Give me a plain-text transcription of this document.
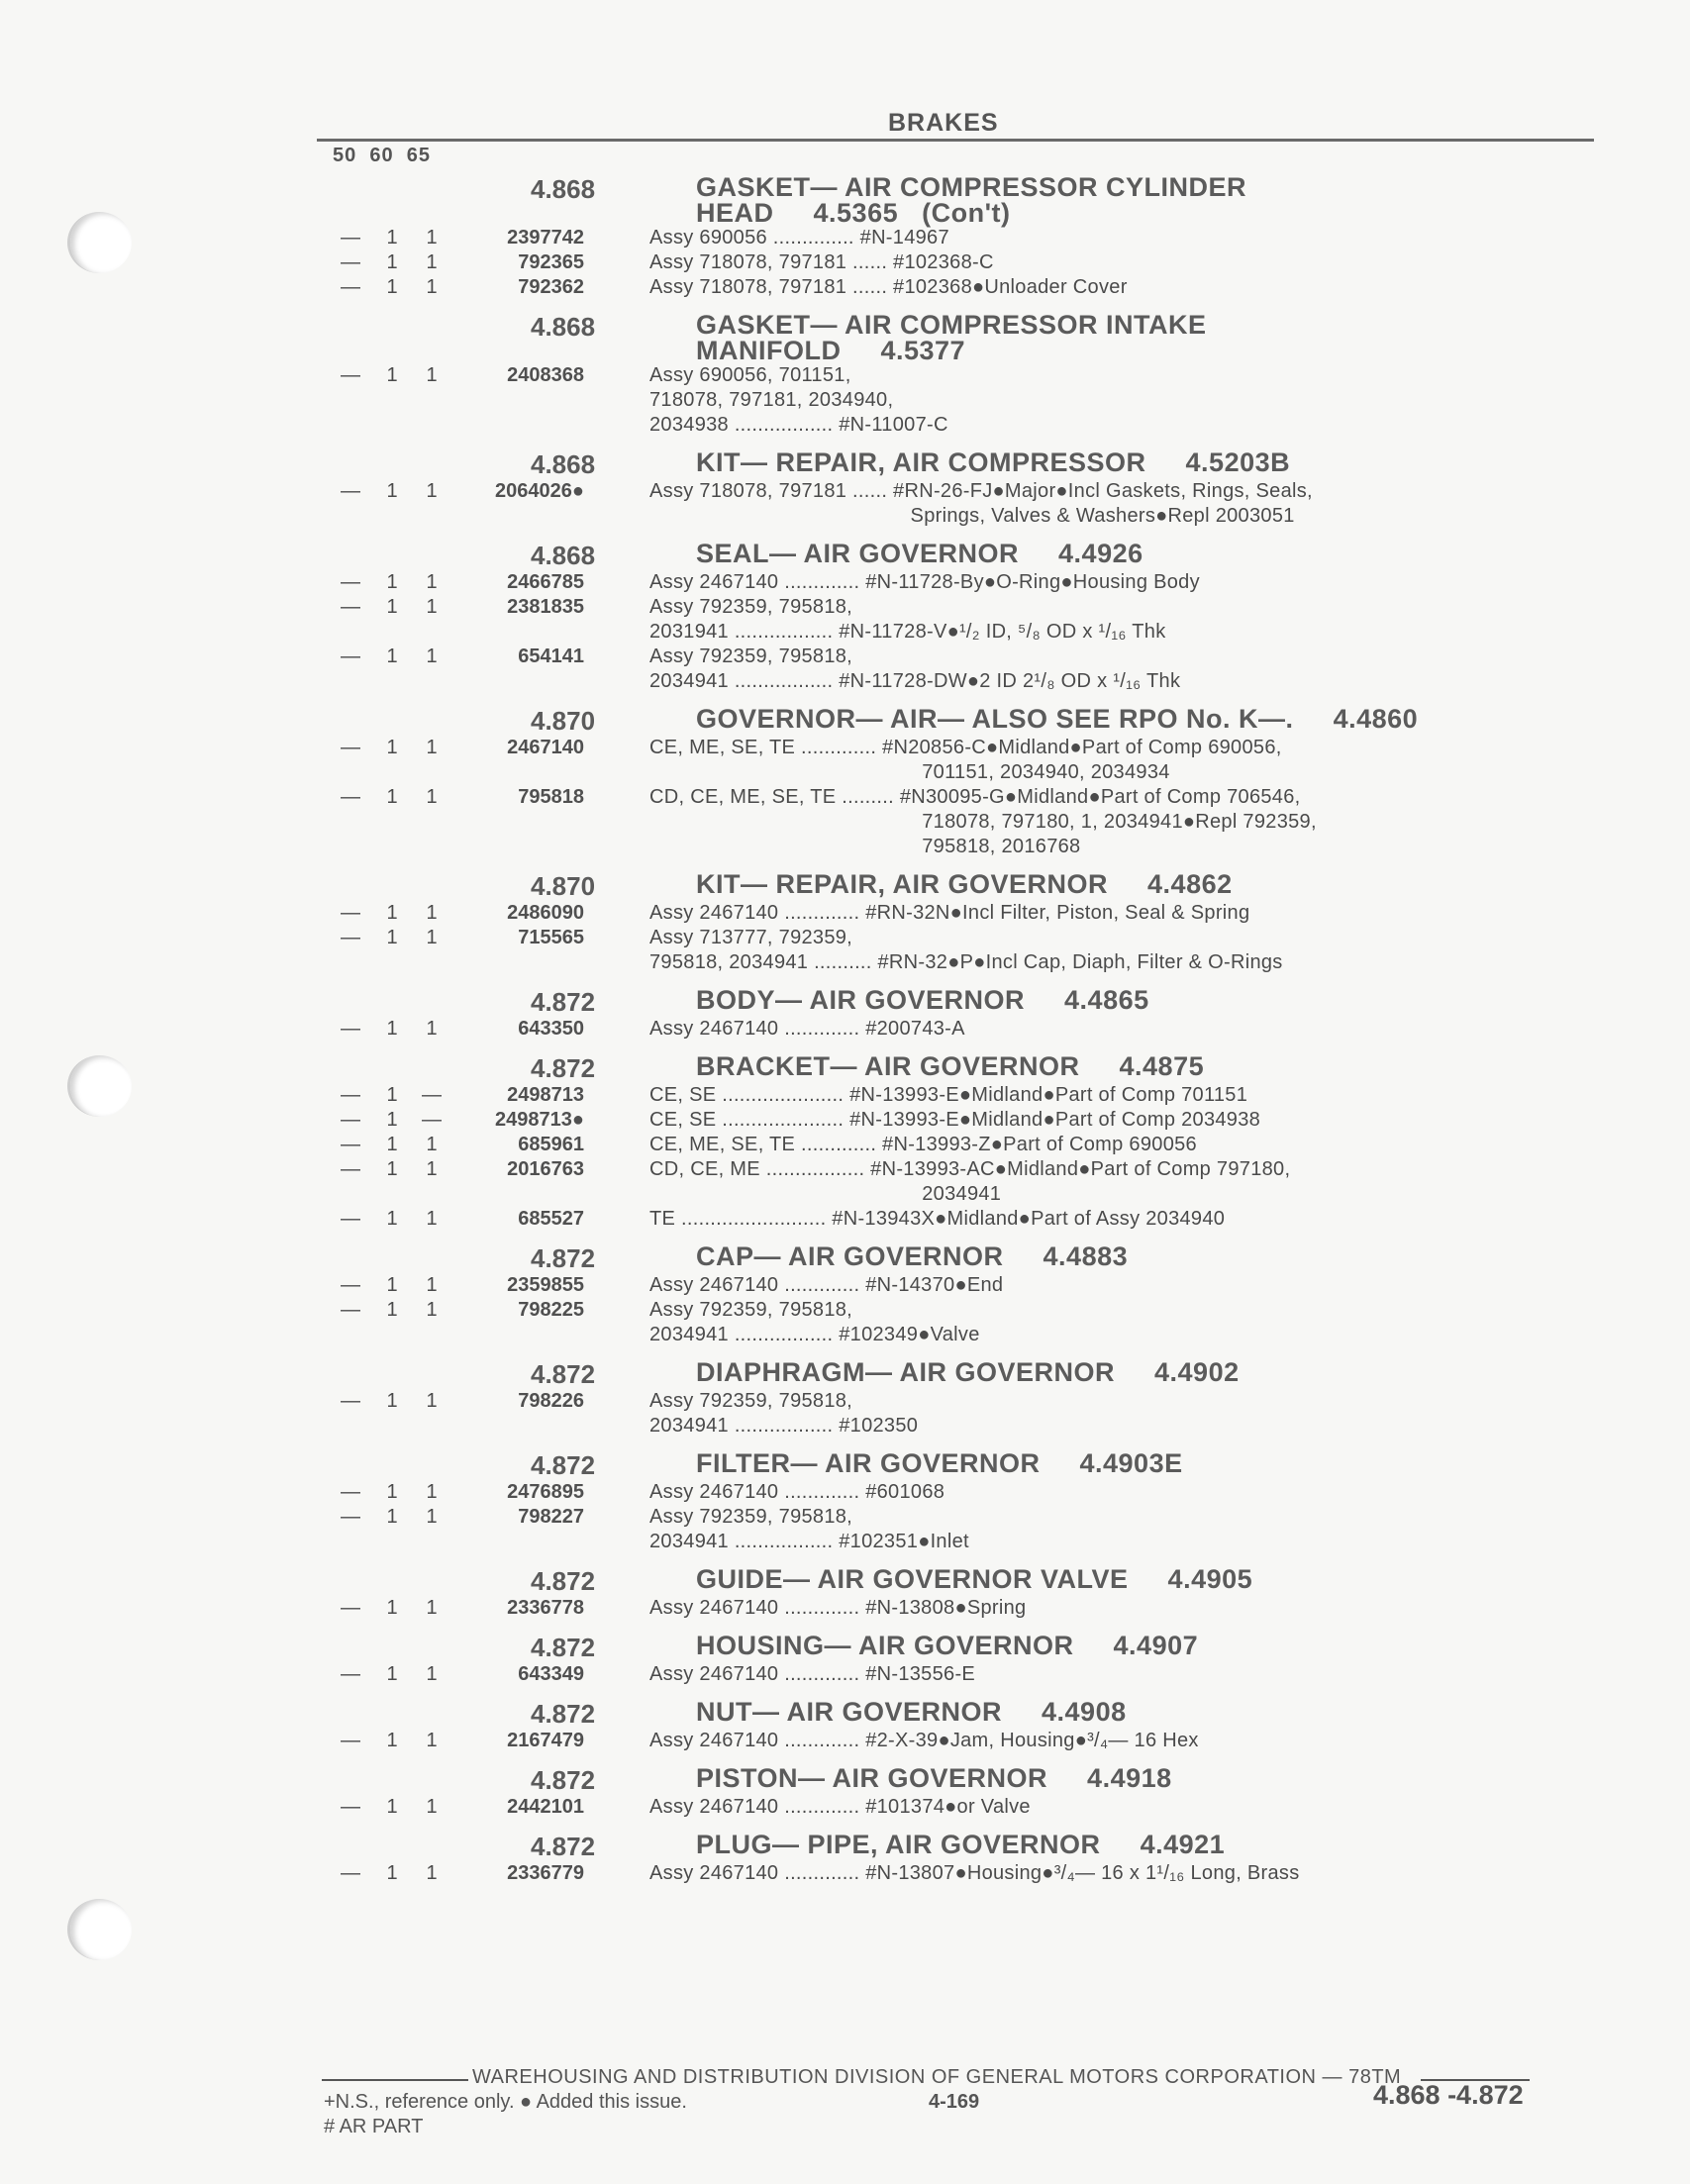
BRAKES
50  60  65
4.868	GASKET— AIR COMPRESSOR CYLINDER
HEAD 4.5365   (Con't)
— 1 1	2397742	Assy 690056 .............. #N-14967
— 1 1	792365	Assy 718078, 797181 ...... #102368-C
— 1 1	792362	Assy 718078, 797181 ...... #102368●Unloader Cover
4.868	GASKET— AIR COMPRESSOR INTAKE
MANIFOLD 4.5377
— 1 1	2408368	Assy 690056, 701151,
718078, 797181, 2034940,
2034938 ................. #N-11007-C
4.868	KIT— REPAIR, AIR COMPRESSOR 4.5203B
— 1 1	2064026●	Assy 718078, 797181 ...... #RN-26-FJ●Major●Incl Gaskets, Rings, Seals,
Springs, Valves & Washers●Repl 2003051
4.868	SEAL— AIR GOVERNOR 4.4926
— 1 1	2466785	Assy 2467140 ............. #N-11728-By●O-Ring●Housing Body
— 1 1	2381835	Assy 792359, 795818,
2031941 ................. #N-11728-V●¹/₂ ID, ⁵/₈ OD x ¹/₁₆ Thk
— 1 1	654141	Assy 792359, 795818,
2034941 ................. #N-11728-DW●2 ID 2¹/₈ OD x ¹/₁₆ Thk
4.870	GOVERNOR— AIR— ALSO SEE RPO No. K—. 4.4860
— 1 1	2467140	CE, ME, SE, TE ............. #N20856-C●Midland●Part of Comp 690056,
701151, 2034940, 2034934
— 1 1	795818	CD, CE, ME, SE, TE ......... #N30095-G●Midland●Part of Comp 706546,
718078, 797180, 1, 2034941●Repl 792359,
795818, 2016768
4.870	KIT— REPAIR, AIR GOVERNOR 4.4862
— 1 1	2486090	Assy 2467140 ............. #RN-32N●Incl Filter, Piston, Seal & Spring
— 1 1	715565	Assy 713777, 792359,
795818, 2034941 .......... #RN-32●P●Incl Cap, Diaph, Filter & O-Rings
4.872	BODY— AIR GOVERNOR 4.4865
— 1 1	643350	Assy 2467140 ............. #200743-A
4.872	BRACKET— AIR GOVERNOR 4.4875
— 1 —	2498713	CE, SE ..................... #N-13993-E●Midland●Part of Comp 701151
— 1 —	2498713●	CE, SE ..................... #N-13993-E●Midland●Part of Comp 2034938
— 1 1	685961	CE, ME, SE, TE ............. #N-13993-Z●Part of Comp 690056
— 1 1	2016763	CD, CE, ME ................. #N-13993-AC●Midland●Part of Comp 797180,
2034941
— 1 1	685527	TE ......................... #N-13943X●Midland●Part of Assy 2034940
4.872	CAP— AIR GOVERNOR 4.4883
— 1 1	2359855	Assy 2467140 ............. #N-14370●End
— 1 1	798225	Assy 792359, 795818,
2034941 ................. #102349●Valve
4.872	DIAPHRAGM— AIR GOVERNOR 4.4902
— 1 1	798226	Assy 792359, 795818,
2034941 ................. #102350
4.872	FILTER— AIR GOVERNOR 4.4903E
— 1 1	2476895	Assy 2467140 ............. #601068
— 1 1	798227	Assy 792359, 795818,
2034941 ................. #102351●Inlet
4.872	GUIDE— AIR GOVERNOR VALVE 4.4905
— 1 1	2336778	Assy 2467140 ............. #N-13808●Spring
4.872	HOUSING— AIR GOVERNOR 4.4907
— 1 1	643349	Assy 2467140 ............. #N-13556-E
4.872	NUT— AIR GOVERNOR 4.4908
— 1 1	2167479	Assy 2467140 ............. #2-X-39●Jam, Housing●³/₄— 16 Hex
4.872	PISTON— AIR GOVERNOR 4.4918
— 1 1	2442101	Assy 2467140 ............. #101374●or Valve
4.872	PLUG— PIPE, AIR GOVERNOR 4.4921
— 1 1	2336779	Assy 2467140 ............. #N-13807●Housing●³/₄— 16 x 1¹/₁₆ Long, Brass
WAREHOUSING AND DISTRIBUTION DIVISION OF GENERAL MOTORS CORPORATION — 78TM
+N.S., reference only. ● Added this issue.
# AR PART
4-169	4.868 -4.872
